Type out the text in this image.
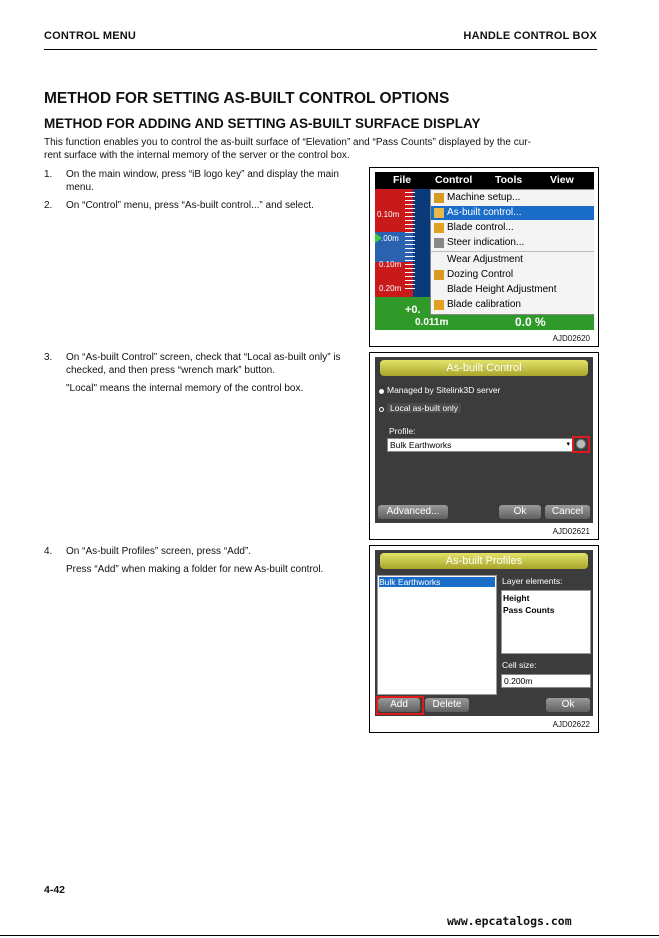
CONTROL MENU	HANDLE CONTROL BOX
METHOD FOR SETTING AS-BUILT CONTROL OPTIONS
METHOD FOR ADDING AND SETTING AS-BUILT SURFACE DISPLAY
This function enables you to control the as-built surface of “Elevation” and “Pass Counts” displayed by the cur-
rent surface with the internal memory of the server or the control box.
1. On the main window, press “iB logo key” and display the main menu.
2. On “Control” menu, press “As-built control...” and select.
3. On “As-built Control” screen, check that “Local as-built only” is checked, and then press “wrench mark” button.
"Local" means the internal memory of the control box.
4. On “As-built Profiles” screen, press “Add”.
Press “Add” when making a folder for new As-built control.
File Control Tools	View
0.10m
.00m
0.10m
0.20m
+0.
0.011m	0.0 %
Machine setup...
As-built control...
Blade control...
Steer indication...
Wear Adjustment
Dozing Control
Blade Height Adjustment
Blade calibration
AJD02620
As-built Control
Managed by Sitelink3D server
Local as-built only
Profile:
Bulk Earthworks	▾
Advanced...	Ok	Cancel
AJD02621
As-built Profiles
Bulk Earthworks	Layer elements:
Height
Pass Counts
Cell size:
0.200m
Add	Delete	Ok
AJD02622
4-42
www.epcatalogs.com
